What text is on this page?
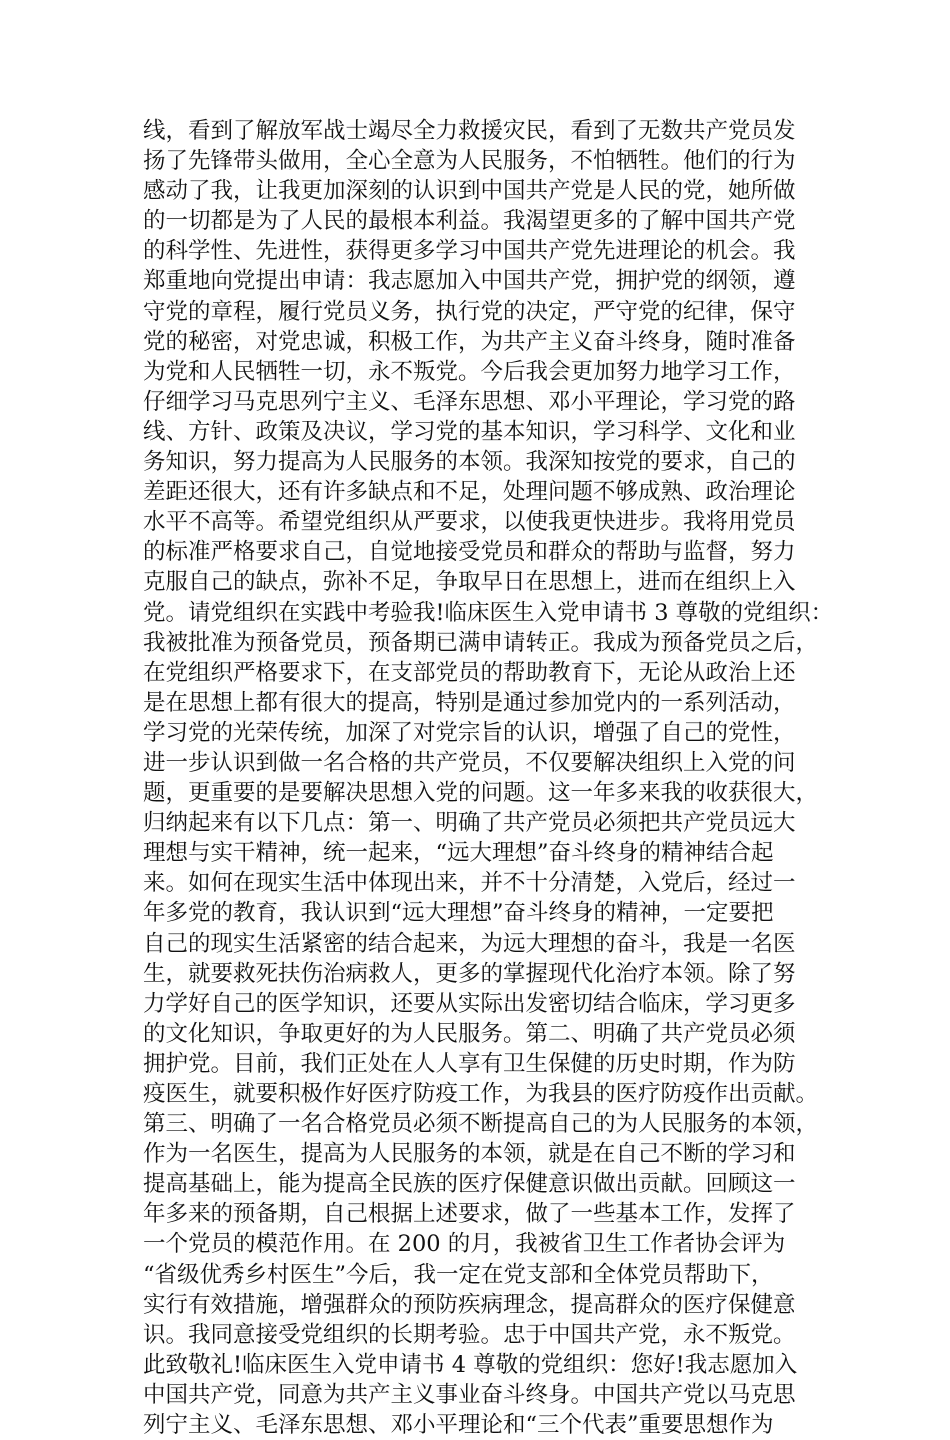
线，看到了解放军战士竭尽全力救援灾民，看到了无数共产党员发
扬了先锋带头做用，全心全意为人民服务，不怕牺牲。他们的行为
感动了我，让我更加深刻的认识到中国共产党是人民的党，她所做
的一切都是为了人民的最根本利益。我渴望更多的了解中国共产党
的科学性、先进性，获得更多学习中国共产党先进理论的机会。我
郑重地向党提出申请：我志愿加入中国共产党，拥护党的纲领，遵
守党的章程，履行党员义务，执行党的决定，严守党的纪律，保守
党的秘密，对党忠诚，积极工作，为共产主义奋斗终身，随时准备
为党和人民牺牲一切，永不叛党。今后我会更加努力地学习工作，
仔细学习马克思列宁主义、毛泽东思想、邓小平理论，学习党的路
线、方针、政策及决议，学习党的基本知识，学习科学、文化和业
务知识，努力提高为人民服务的本领。我深知按党的要求，自己的
差距还很大，还有许多缺点和不足，处理问题不够成熟、政治理论
水平不高等。希望党组织从严要求，以使我更快进步。我将用党员
的标准严格要求自己，自觉地接受党员和群众的帮助与监督，努力
克服自己的缺点，弥补不足，争取早日在思想上，进而在组织上入
党。请党组织在实践中考验我!临床医生入党申请书 3 尊敬的党组织：
我被批准为预备党员，预备期已满申请转正。我成为预备党员之后，
在党组织严格要求下，在支部党员的帮助教育下，无论从政治上还
是在思想上都有很大的提高，特别是通过参加党内的一系列活动，
学习党的光荣传统，加深了对党宗旨的认识，增强了自己的党性，
进一步认识到做一名合格的共产党员，不仅要解决组织上入党的问
题，更重要的是要解决思想入党的问题。这一年多来我的收获很大，
归纳起来有以下几点：第一、明确了共产党员必须把共产党员远大
理想与实干精神，统一起来，“远大理想”奋斗终身的精神结合起
来。如何在现实生活中体现出来，并不十分清楚，入党后，经过一
年多党的教育，我认识到“远大理想”奋斗终身的精神，一定要把
自己的现实生活紧密的结合起来，为远大理想的奋斗，我是一名医
生，就要救死扶伤治病救人，更多的掌握现代化治疗本领。除了努
力学好自己的医学知识，还要从实际出发密切结合临床，学习更多
的文化知识，争取更好的为人民服务。第二、明确了共产党员必须
拥护党。目前，我们正处在人人享有卫生保健的历史时期，作为防
疫医生，就要积极作好医疗防疫工作，为我县的医疗防疫作出贡献。
第三、明确了一名合格党员必须不断提高自己的为人民服务的本领，
作为一名医生，提高为人民服务的本领，就是在自己不断的学习和
提高基础上，能为提高全民族的医疗保健意识做出贡献。回顾这一
年多来的预备期，自己根据上述要求，做了一些基本工作，发挥了
一个党员的模范作用。在 200 的月，我被省卫生工作者协会评为
“省级优秀乡村医生”今后，我一定在党支部和全体党员帮助下，
实行有效措施，增强群众的预防疾病理念，提高群众的医疗保健意
识。我同意接受党组织的长期考验。忠于中国共产党，永不叛党。
此致敬礼!临床医生入党申请书 4 尊敬的党组织：您好!我志愿加入
中国共产党，同意为共产主义事业奋斗终身。中国共产党以马克思
列宁主义、毛泽东思想、邓小平理论和“三个代表”重要思想作为
